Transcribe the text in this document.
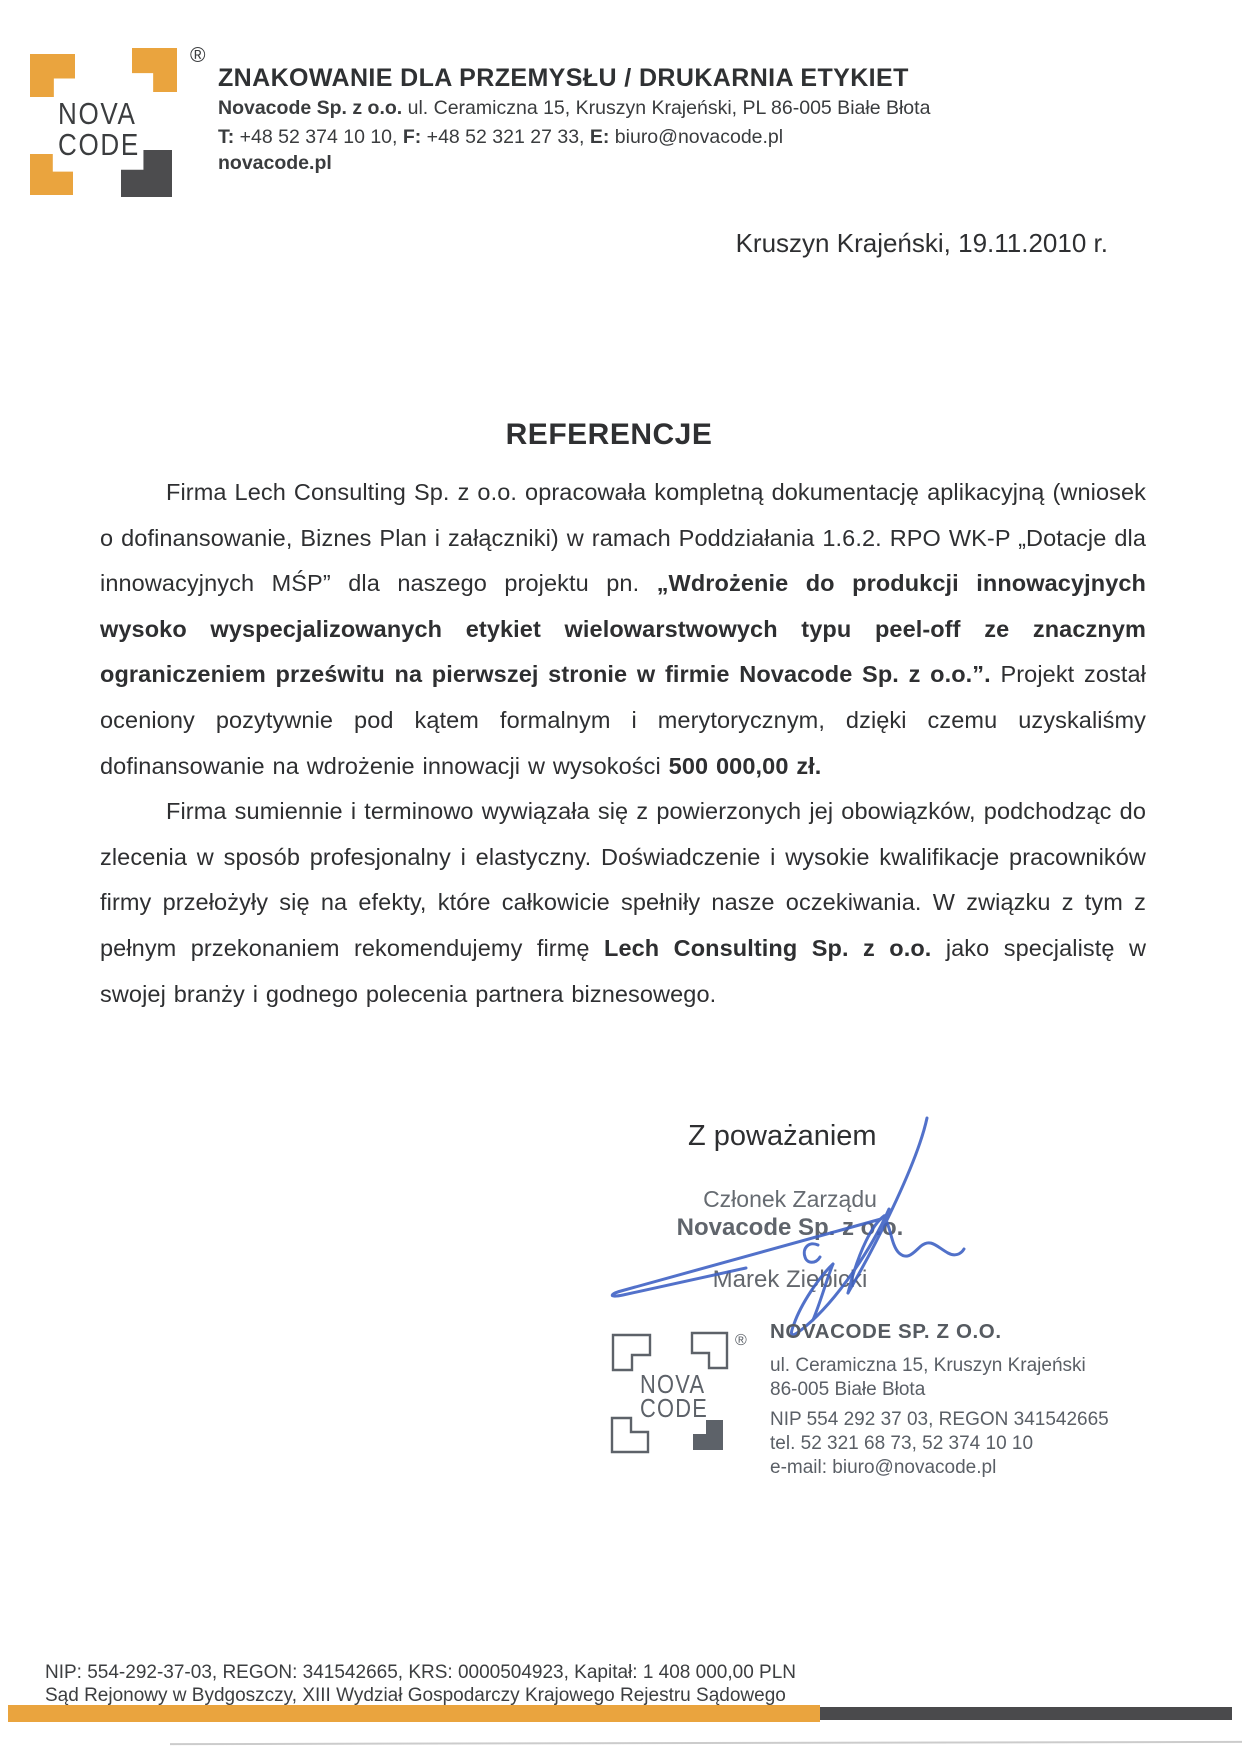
NOVA
CODE
®
ZNAKOWANIE DLA PRZEMYSŁU / DRUKARNIA ETYKIET
Novacode Sp. z o.o. ul. Ceramiczna 15, Kruszyn Krajeński, PL 86-005 Białe Błota
T: +48 52 374 10 10, F: +48 52 321 27 33, E: biuro@novacode.pl
novacode.pl
Kruszyn Krajeński, 19.11.2010 r.
REFERENCJE

Firma Lech Consulting Sp. z o.o. opracowała kompletną dokumentację aplikacyjną (wniosek o dofinansowanie, Biznes Plan i załączniki) w ramach Poddziałania 1.6.2. RPO WK-P „Dotacje dla innowacyjnych MŚP” dla naszego projektu pn. „Wdrożenie do produkcji innowacyjnych wysoko wyspecjalizowanych etykiet wielowarstwowych typu peel-off ze znacznym ograniczeniem prześwitu na pierwszej stronie w firmie Novacode Sp. z o.o.”. Projekt został oceniony pozytywnie pod kątem formalnym i merytorycznym, dzięki czemu uzyskaliśmy dofinansowanie na wdrożenie innowacji w wysokości 500 000,00 zł.

Firma sumiennie i terminowo wywiązała się z powierzonych jej obowiązków, podchodząc do zlecenia w sposób profesjonalny i elastyczny. Doświadczenie i wysokie kwalifikacje pracowników firmy przełożyły się na efekty, które całkowicie spełniły nasze oczekiwania. W związku z tym z pełnym przekonaniem rekomendujemy firmę Lech Consulting Sp. z o.o. jako specjalistę w swojej branży i godnego polecenia partnera biznesowego.

Z poważaniem
Członek Zarządu
Novacode Sp. z o.o.
Marek Ziębicki
NOVA
CODE
® NOVACODE SP. Z O.O.
ul. Ceramiczna 15, Kruszyn Krajeński
86-005 Białe Błota
NIP 554 292 37 03, REGON 341542665
tel. 52 321 68 73, 52 374 10 10
e-mail: biuro@novacode.pl
NIP: 554-292-37-03, REGON: 341542665, KRS: 0000504923, Kapitał: 1 408 000,00 PLN
Sąd Rejonowy w Bydgoszczy, XIII Wydział Gospodarczy Krajowego Rejestru Sądowego
